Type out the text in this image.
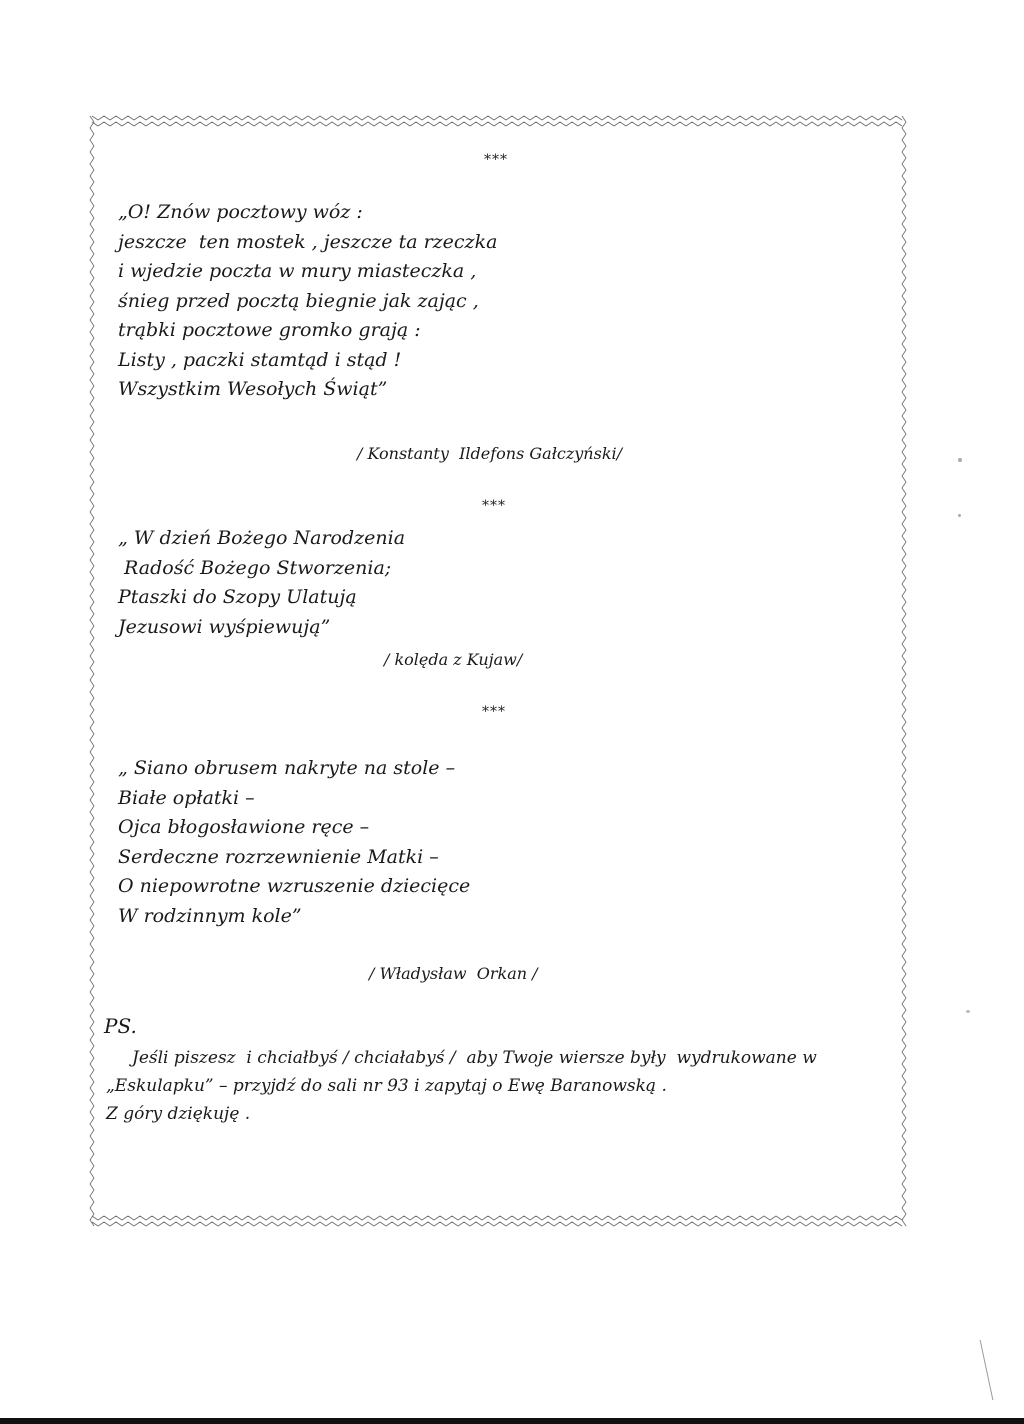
***
„O! Znów pocztowy wóz :
jeszcze  ten mostek , jeszcze ta rzeczka
i wjedzie poczta w mury miasteczka ,
śnieg przed pocztą biegnie jak zając ,
trąbki pocztowe gromko grają :
Listy , paczki stamtąd i stąd !
Wszystkim Wesołych Świąt”
/ Konstanty  Ildefons Gałczyński/
***
„ W dzień Bożego Narodzenia
Radość Bożego Stworzenia;
Ptaszki do Szopy Ulatują
Jezusowi wyśpiewują”
/ kolęda z Kujaw/
***
„ Siano obrusem nakryte na stole –
Białe opłatki –
Ojca błogosławione ręce –
Serdeczne rozrzewnienie Matki –
O niepowrotne wzruszenie dziecięce
W rodzinnym kole”
/ Władysław  Orkan /
PS.
Jeśli piszesz  i chciałbyś / chciałabyś /  aby Twoje wiersze były  wydrukowane w
„Eskulapku” – przyjdź do sali nr 93 i zapytaj o Ewę Baranowską .
Z góry dziękuję .
